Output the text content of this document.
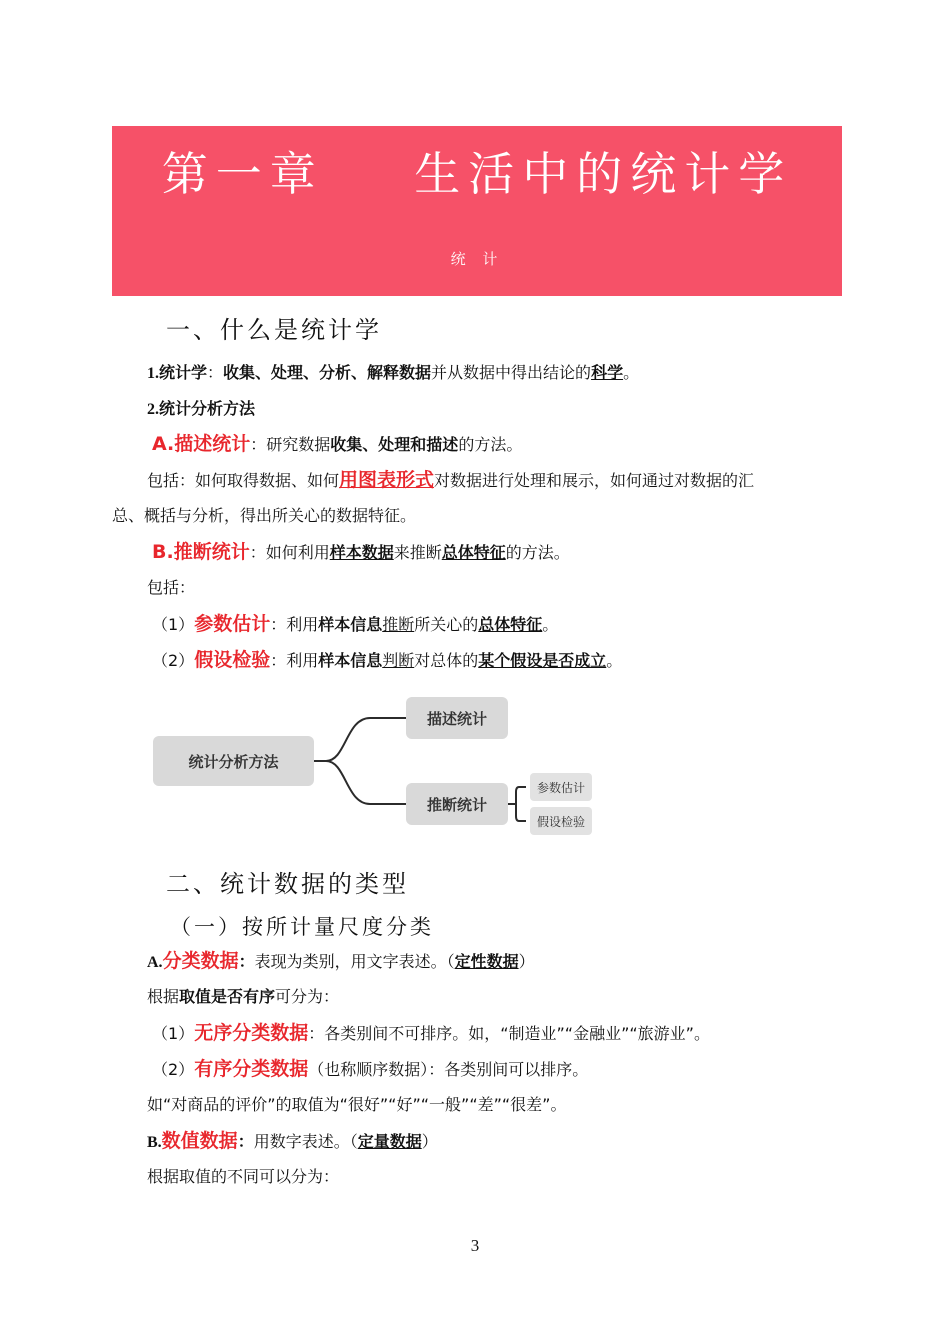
第一章    生活中的统计学
统 计
一、什么是统计学
1.统计学：收集、处理、分析、解释数据并从数据中得出结论的科学。
2.统计分析方法
A.描述统计：研究数据收集、处理和描述的方法。
包括：如何取得数据、如何用图表形式对数据进行处理和展示，如何通过对数据的汇
总、概括与分析，得出所关心的数据特征。
B.推断统计：如何利用样本数据来推断总体特征的方法。
包括：
（1）参数估计：利用样本信息推断所关心的总体特征。
（2）假设检验：利用样本信息判断对总体的某个假设是否成立。
统计分析方法
描述统计
推断统计
参数估计
假设检验
二、统计数据的类型
（一）按所计量尺度分类
A.分类数据：表现为类别，用文字表述。（定性数据）
根据取值是否有序可分为：
（1）无序分类数据：各类别间不可排序。如，“制造业”“金融业”“旅游业”。
（2）有序分类数据（也称顺序数据）：各类别间可以排序。
如“对商品的评价”的取值为“很好”“好”“一般”“差”“很差”。
B.数值数据：用数字表述。（定量数据）
根据取值的不同可以分为：
3
